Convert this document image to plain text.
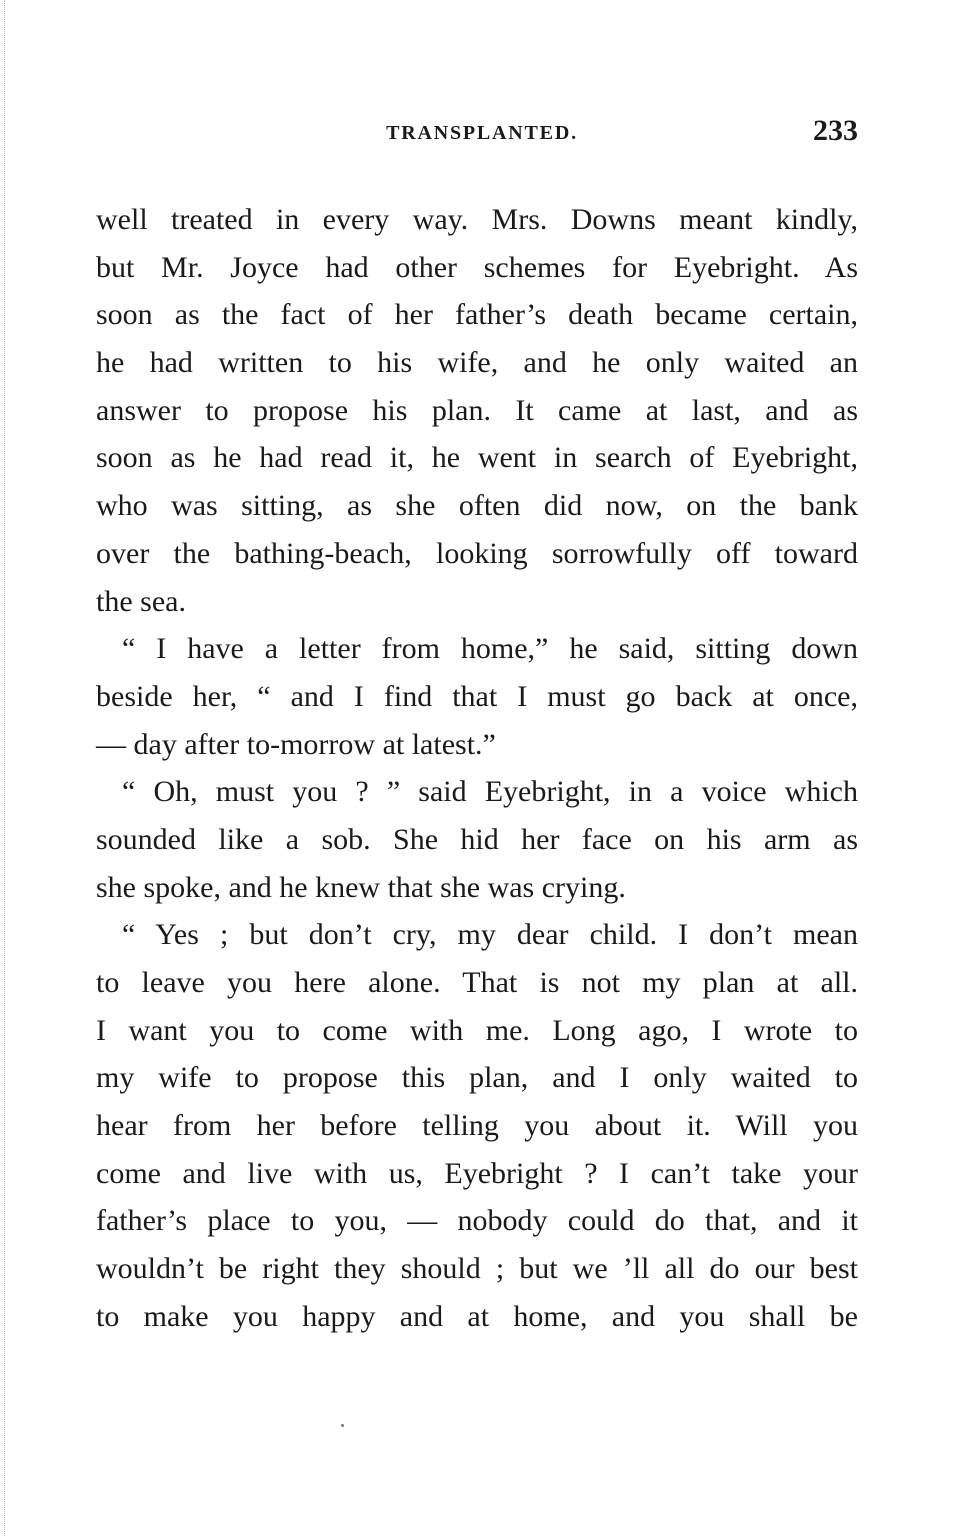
TRANSPLANTED.	233
well treated in every way. Mrs. Downs meant kindly,
but Mr. Joyce had other schemes for Eyebright. As
soon as the fact of her father’s death became certain,
he had written to his wife, and he only waited an
answer to propose his plan. It came at last, and as
soon as he had read it, he went in search of Eyebright,
who was sitting, as she often did now, on the bank
over the bathing-beach, looking sorrowfully off toward
the sea.
“ I have a letter from home,” he said, sitting down
beside her, “ and I find that I must go back at once,
— day after to-morrow at latest.”
“ Oh, must you ? ” said Eyebright, in a voice which
sounded like a sob. She hid her face on his arm as
she spoke, and he knew that she was crying.
“ Yes ; but don’t cry, my dear child. I don’t mean
to leave you here alone. That is not my plan at all.
I want you to come with me. Long ago, I wrote to
my wife to propose this plan, and I only waited to
hear from her before telling you about it. Will you
come and live with us, Eyebright ? I can’t take your
father’s place to you, — nobody could do that, and it
wouldn’t be right they should ; but we ’ll all do our best
to make you happy and at home, and you shall be
